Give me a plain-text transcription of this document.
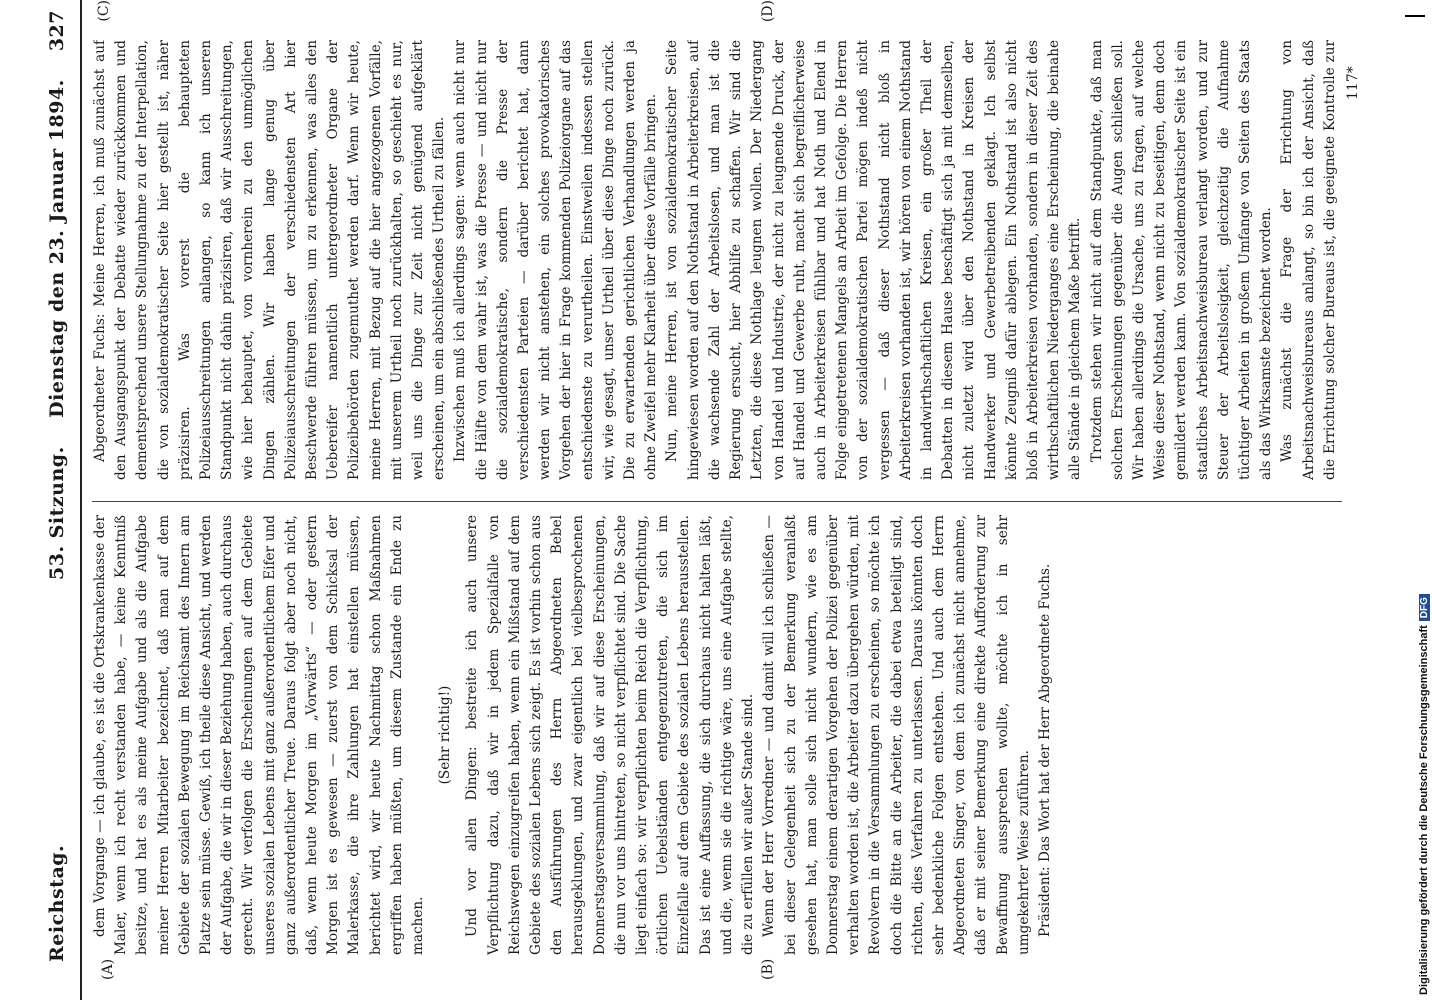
Reichstag.
53. Sitzung.    Dienstag den 23. Januar 1894.
327
(A)	(B)
(C)	(D)

dem Vorgange — ich glaube, es ist die Ortskrankenkasse der Maler, wenn ich recht verstanden habe, — keine Kenntniß besitze, und hat es als meine Aufgabe und als die Aufgabe meiner Herren Mitarbeiter bezeichnet, daß man auf dem Gebiete der sozialen Bewegung im Reichsamt des Innern am Platze sein müsse. Gewiß, ich theile diese Ansicht, und werden der Aufgabe, die wir in dieser Beziehung haben, auch durchaus gerecht. Wir verfolgen die Erscheinungen auf dem Gebiete unseres sozialen Lebens mit ganz außerordentlichem Eifer und ganz außerordentlicher Treue. Daraus folgt aber noch nicht, daß, wenn heute Morgen im „Vorwärts“ — oder gestern Morgen ist es gewesen — zuerst von dem Schicksal der Malerkasse, die ihre Zahlungen hat einstellen müssen, berichtet wird, wir heute Nachmittag schon Maßnahmen ergriffen haben müßten, um diesem Zustande ein Ende zu machen.

(Sehr richtig!) Und vor allen Dingen: bestreite ich auch unsere Verpflichtung dazu, daß wir in jedem Spezialfalle von Reichswegen einzugreifen haben, wenn ein Mißstand auf dem Gebiete des sozialen Lebens sich zeigt. Es ist vorhin schon aus den Ausführungen des Herrn Abgeordneten Bebel herausgeklungen, und zwar eigentlich bei vielbesprochenen Donnerstagsversammlung, daß wir auf diese Erscheinungen, die nun vor uns hintreten, so nicht verpflichtet sind. Die Sache liegt einfach so: wir verpflichten beim Reich die Verpflichtung, örtlichen Uebelständen entgegenzutreten, die sich im Einzelfalle auf dem Gebiete des sozialen Lebens herausstellen. Das ist eine Auffassung, die sich durchaus nicht halten läßt, und die, wenn sie die richtige wäre, uns eine Aufgabe stellte, die zu erfüllen wir außer Stande sind. Wenn der Herr Vorredner — und damit will ich schließen — bei dieser Gelegenheit sich zu der Bemerkung veranlaßt gesehen hat, man solle sich nicht wundern, wie es am Donnerstag einem derartigen Vorgehen der Polizei gegenüber verhalten worden ist, die Arbeiter dazu übergehen würden, mit Revolvern in die Versammlungen zu erscheinen, so möchte ich doch die Bitte an die Arbeiter, die dabei etwa beteiligt sind, richten, dies Verfahren zu unterlassen. Daraus könnten doch sehr bedenkliche Folgen entstehen. Und auch dem Herrn Abgeordneten Singer, von dem ich zunächst nicht annehme, daß er mit seiner Bemerkung eine direkte Aufforderung zur Bewaffnung aussprechen wollte, möchte ich in sehr umgekehrter Weise zuführen. Präsident: Das Wort hat der Herr Abgeordnete Fuchs.

Abgeordneter Fuchs: Meine Herren, ich muß zunächst auf den Ausgangspunkt der Debatte wieder zurückkommen und dementsprechend unsere Stellungnahme zu der Interpellation, die von sozialdemokratischer Seite hier gestellt ist, näher präzisiren. Was vorerst die behaupteten Polizeiausschreitungen anlangen, so kann ich unseren Standpunkt nicht dahin präzisiren, daß wir Ausschreitungen, wie hier behauptet, von vornherein zu den unmöglichen Dingen zählen. Wir haben lange genug über Polizeiausschreitungen der verschiedensten Art hier Beschwerde führen müssen, um zu erkennen, was alles den Uebereifer namentlich untergeordneter Organe der Polizeibehörden zugemuthet werden darf. Wenn wir heute, meine Herren, mit Bezug auf die hier angezogenen Vorfälle, mit unserem Urtheil noch zurückhalten, so geschieht es nur, weil uns die Dinge zur Zeit nicht genügend aufgeklärt erscheinen, um ein abschließendes Urtheil zu fällen. Inzwischen muß ich allerdings sagen: wenn auch nicht nur die Hälfte von dem wahr ist, was die Presse — und nicht nur die sozialdemokratische, sondern die Presse der verschiedensten Parteien — darüber berichtet hat, dann werden wir nicht anstehen, ein solches provokatorisches Vorgehen der hier in Frage kommenden Polizeiorgane auf das entschiedenste zu verurtheilen. Einstweilen indessen stellen wir, wie gesagt, unser Urtheil über diese Dinge noch zurück. Die zu erwartenden gerichtlichen Verhandlungen werden ja ohne Zweifel mehr Klarheit über diese Vorfälle bringen. Nun, meine Herren, ist von sozialdemokratischer Seite hingewiesen worden auf den Nothstand in Arbeiterkreisen, auf die wachsende Zahl der Arbeitslosen, und man ist die Regierung ersucht, hier Abhilfe zu schaffen. Wir sind die Letzten, die diese Nothlage leugnen wollen. Der Niedergang von Handel und Industrie, der nicht zu leugnende Druck, der auf Handel und Gewerbe ruht, macht sich begreiflicherweise auch in Arbeiterkreisen fühlbar und hat Noth und Elend in Folge eingetretenen Mangels an Arbeit im Gefolge. Die Herren von der sozialdemokratischen Partei mögen indeß nicht vergessen — daß dieser Nothstand nicht bloß in Arbeiterkreisen vorhanden ist, wir hören von einem Nothstand in landwirthschaftlichen Kreisen, ein großer Theil der Debatten in diesem Hause beschäftigt sich ja mit demselben, nicht zuletzt wird über den Nothstand in Kreisen der Handwerker und Gewerbetreibenden geklagt. Ich selbst könnte Zeugniß dafür ablegen. Ein Nothstand ist also nicht bloß in Arbeiterkreisen vorhanden, sondern in dieser Zeit des wirthschaftlichen Niederganges eine Erscheinung, die beinahe alle Stände in gleichem Maße betrifft. Trotzdem stehen wir nicht auf dem Standpunkte, daß man solchen Erscheinungen gegenüber die Augen schließen soll. Wir haben allerdings die Ursache, uns zu fragen, auf welche Weise dieser Nothstand, wenn nicht zu beseitigen, denn doch gemildert werden kann. Von sozialdemokratischer Seite ist ein staatliches Arbeitsnachweisbureau verlangt worden, und zur Steuer der Arbeitslosigkeit, gleichzeitig die Aufnahme tüchtiger Arbeiten in großem Umfange von Seiten des Staats als das Wirksamste bezeichnet worden. Was zunächst die Frage der Errichtung von Arbeitsnachweisbureaus anlangt, so bin ich der Ansicht, daß die Errichtung solcher Bureaus ist, die geeignete Kontrolle zur

117*
Digitalisierung gefördert durch die Deutsche ForschungsgemeinschaftDFG
